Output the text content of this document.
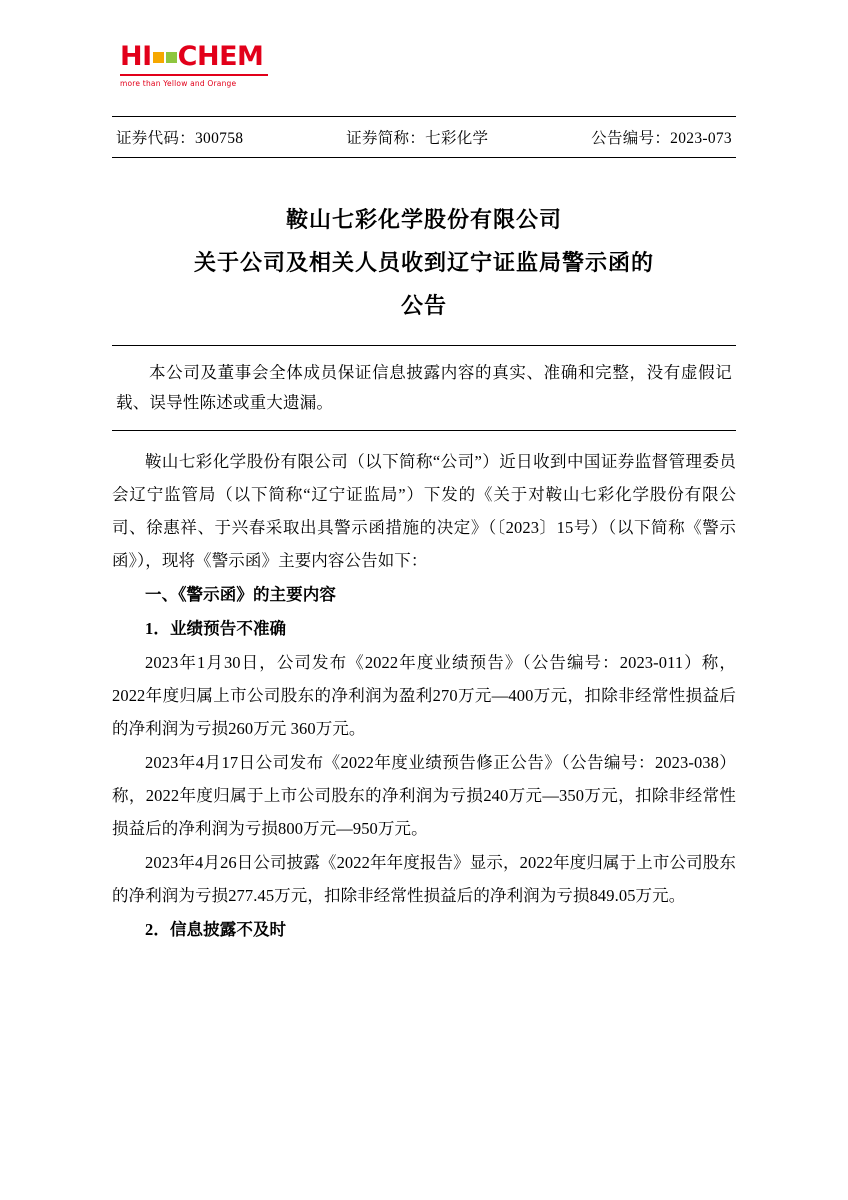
HI CHEM
more than Yellow and Orange
证券代码：300758	证券简称：七彩化学	公告编号：2023-073
鞍山七彩化学股份有限公司
关于公司及相关人员收到辽宁证监局警示函的
公告

本公司及董事会全体成员保证信息披露内容的真实、准确和完整，没有虚假记载、误导性陈述或重大遗漏。

鞍山七彩化学股份有限公司（以下简称“公司”）近日收到中国证券监督管理委员会辽宁监管局（以下简称“辽宁证监局”）下发的《关于对鞍山七彩化学股份有限公司、徐惠祥、于兴春采取出具警示函措施的决定》（〔2023〕15号）（以下简称《警示函》），现将《警示函》主要内容公告如下：

一、《警示函》的主要内容

1．业绩预告不准确

2023年1月30日，公司发布《2022年度业绩预告》（公告编号：2023-011）称，2022年度归属上市公司股东的净利润为盈利270万元—400万元，扣除非经常性损益后的净利润为亏损260万元 360万元。

2023年4月17日公司发布《2022年度业绩预告修正公告》（公告编号：2023-038）称，2022年度归属于上市公司股东的净利润为亏损240万元—350万元，扣除非经常性损益后的净利润为亏损800万元—950万元。

2023年4月26日公司披露《2022年年度报告》显示，2022年度归属于上市公司股东的净利润为亏损277.45万元，扣除非经常性损益后的净利润为亏损849.05万元。

2．信息披露不及时
